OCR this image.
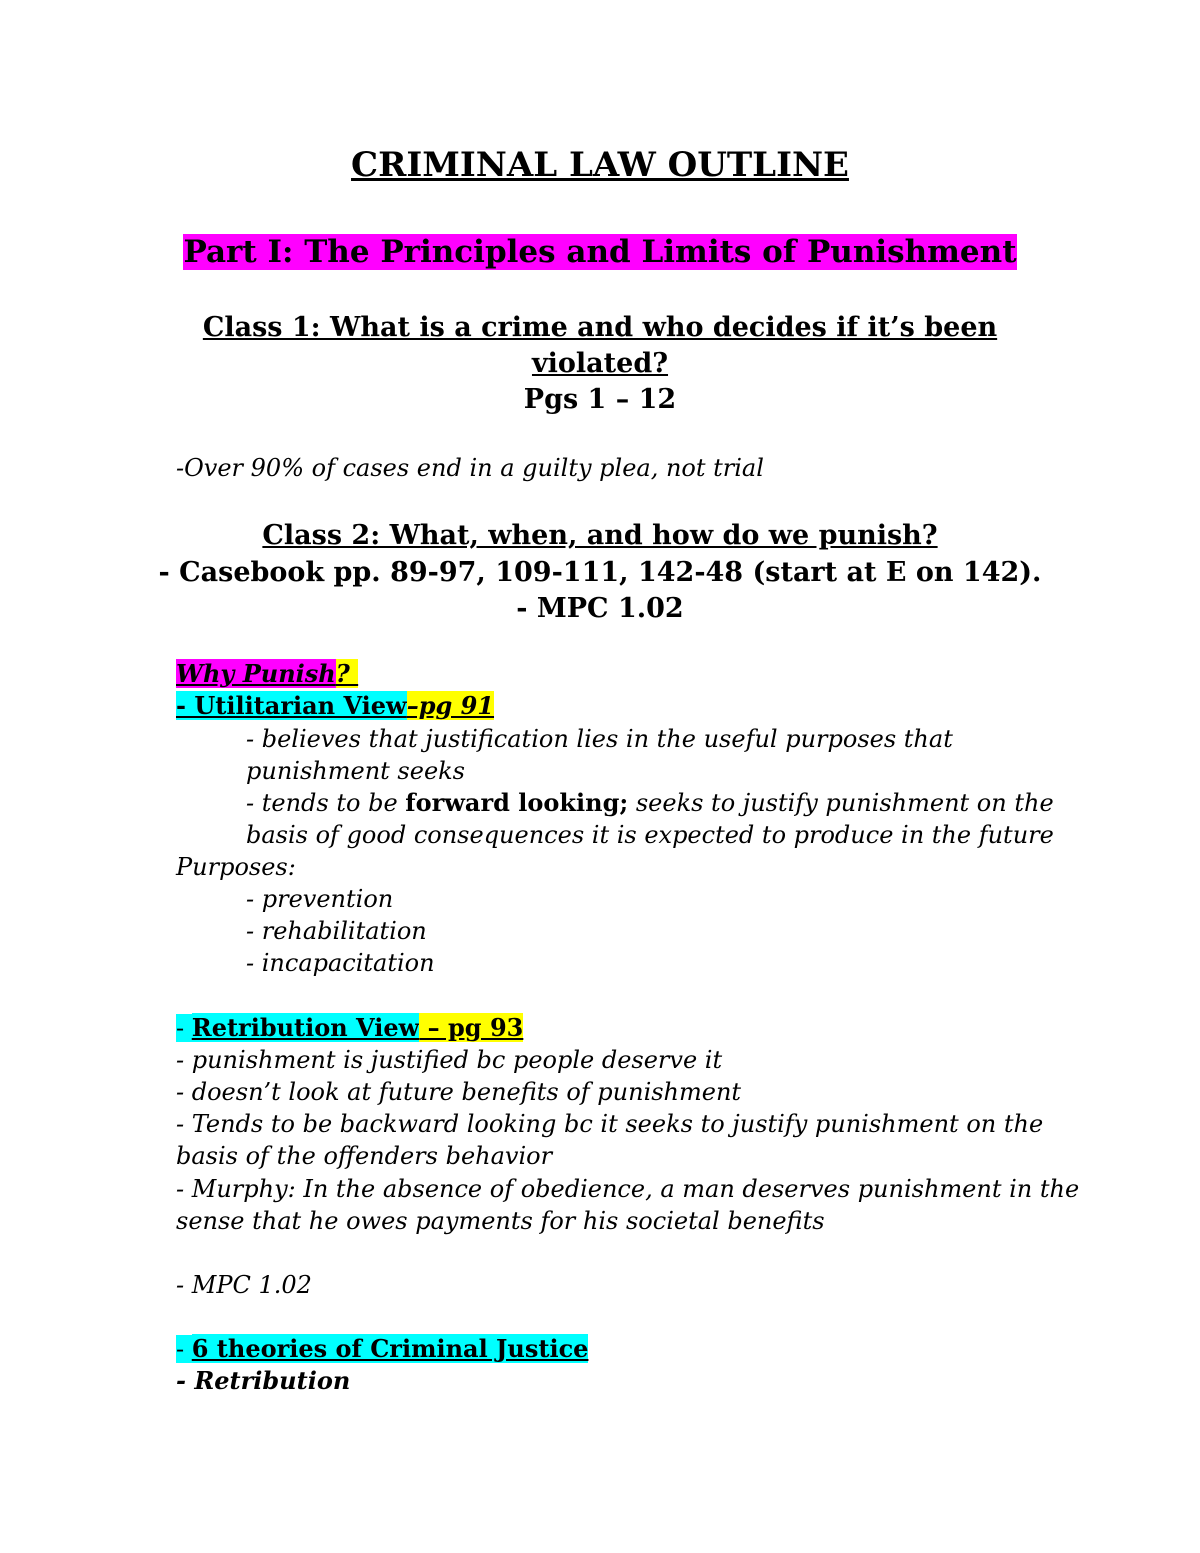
CRIMINAL LAW OUTLINE
Part I: The Principles and Limits of Punishment
Class 1: What is a crime and who decides if it’s been
violated?
Pgs 1 – 12
-Over 90% of cases end in a guilty plea, not trial
Class 2: What, when, and how do we punish?
- Casebook pp. 89-97, 109-111, 142-48 (start at E on 142).
- MPC 1.02
Why Punish?
- Utilitarian View–pg 91
- believes that justification lies in the useful purposes that
punishment seeks
- tends to be forward looking; seeks to justify punishment on the
basis of good consequences it is expected to produce in the future
Purposes:
- prevention
- rehabilitation
- incapacitation
- Retribution View – pg 93
- punishment is justified bc people deserve it
- doesn’t look at future benefits of punishment
- Tends to be backward looking bc it seeks to justify punishment on the
basis of the offenders behavior
- Murphy: In the absence of obedience, a man deserves punishment in the
sense that he owes payments for his societal benefits
- MPC 1.02
- 6 theories of Criminal Justice
- Retribution
